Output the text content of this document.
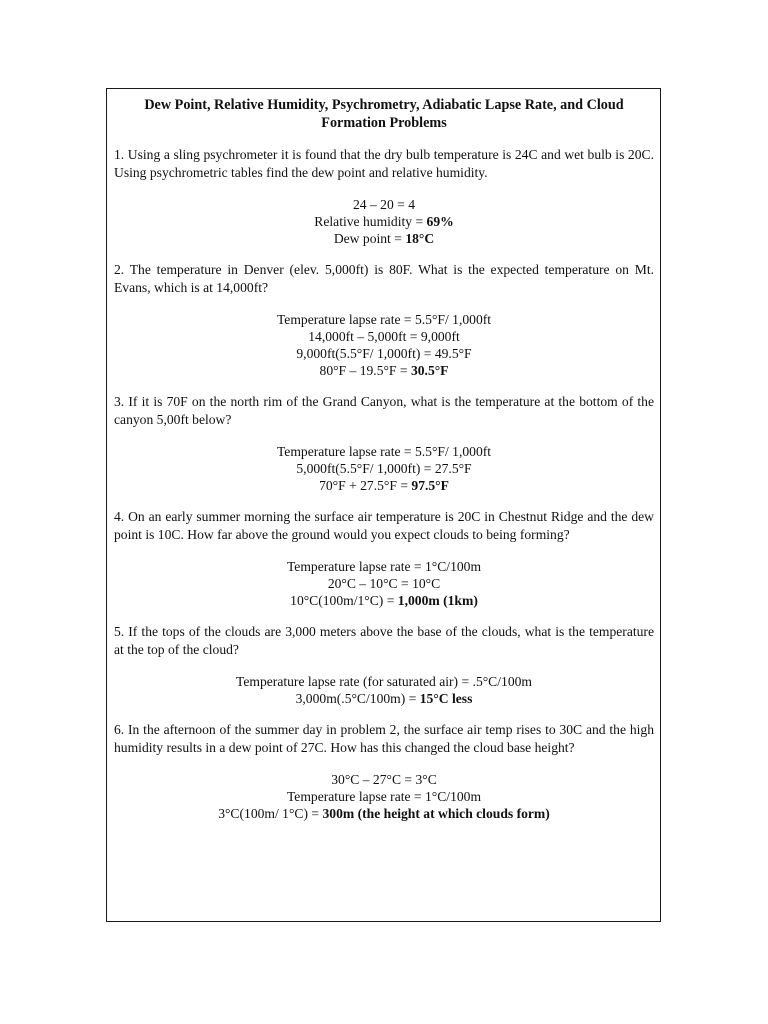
Dew Point, Relative Humidity, Psychrometry, Adiabatic Lapse Rate, and Cloud Formation Problems
1. Using a sling psychrometer it is found that the dry bulb temperature is 24C and wet bulb is 20C. Using psychrometric tables find the dew point and relative humidity.
24 – 20 = 4
Relative humidity = 69%
Dew point = 18°C
2. The temperature in Denver (elev. 5,000ft) is 80F. What is the expected temperature on Mt. Evans, which is at 14,000ft?
Temperature lapse rate = 5.5°F/ 1,000ft
14,000ft – 5,000ft = 9,000ft
9,000ft(5.5°F/ 1,000ft) = 49.5°F
80°F – 19.5°F = 30.5°F
3. If it is 70F on the north rim of the Grand Canyon, what is the temperature at the bottom of the canyon 5,00ft below?
Temperature lapse rate = 5.5°F/ 1,000ft
5,000ft(5.5°F/ 1,000ft) = 27.5°F
70°F + 27.5°F = 97.5°F
4. On an early summer morning the surface air temperature is 20C in Chestnut Ridge and the dew point is 10C. How far above the ground would you expect clouds to being forming?
Temperature lapse rate = 1°C/100m
20°C – 10°C = 10°C
10°C(100m/1°C) = 1,000m (1km)
5. If the tops of the clouds are 3,000 meters above the base of the clouds, what is the temperature at the top of the cloud?
Temperature lapse rate (for saturated air) = .5°C/100m
3,000m(.5°C/100m) = 15°C less
6. In the afternoon of the summer day in problem 2, the surface air temp rises to 30C and the high humidity results in a dew point of 27C. How has this changed the cloud base height?
30°C – 27°C = 3°C
Temperature lapse rate = 1°C/100m
3°C(100m/ 1°C) = 300m (the height at which clouds form)
